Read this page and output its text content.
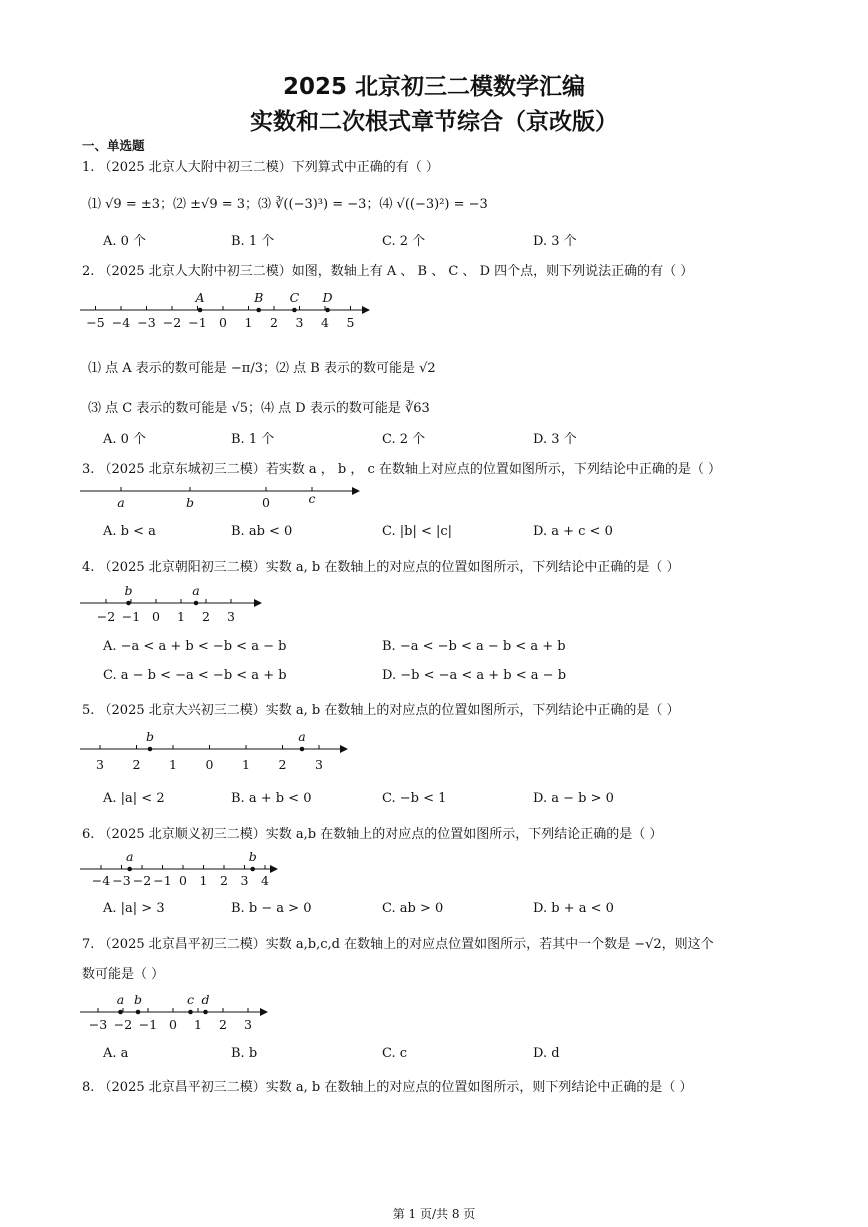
2025 北京初三二模数学汇编
实数和二次根式章节综合（京改版）
一、单选题
1. （2025 北京人大附中初三二模）下列算式中正确的有（ ）
⑴ √9 = ±3；⑵ ±√9 = 3；⑶ ∛((−3)³) = −3；⑷ √((−3)²) = −3
A. 0 个	B. 1 个	C. 2 个	D. 3 个
2. （2025 北京人大附中初三二模）如图，数轴上有 A 、 B 、 C 、 D 四个点，则下列说法正确的有（ ）
−5 −4 −3 −2 −1 0 1 2 3 4 5
A	B C D
⑴ 点 A 表示的数可能是 −π/3；⑵ 点 B 表示的数可能是 √2
⑶ 点 C 表示的数可能是 √5；⑷ 点 D 表示的数可能是 ∛63
A. 0 个	B. 1 个	C. 2 个	D. 3 个
3. （2025 北京东城初三二模）若实数 a ， b ， c 在数轴上对应点的位置如图所示，下列结论中正确的是（ ）
a	b	0	c
A. b < a	B. ab < 0	C. |b| < |c|	D. a + c < 0
4. （2025 北京朝阳初三二模）实数 a, b 在数轴上的对应点的位置如图所示，下列结论中正确的是（ ）
−2 −1 0 1 2 3
b	a
A. −a < a + b < −b < a − b	B. −a < −b < a − b < a + b
C. a − b < −a < −b < a + b	D. −b < −a < a + b < a − b
5. （2025 北京大兴初三二模）实数 a, b 在数轴上的对应点的位置如图所示，下列结论中正确的是（ ）
3 2 1 0 1 2 3
b	a
A. |a| < 2	B. a + b < 0	C. −b < 1	D. a − b > 0
6. （2025 北京顺义初三二模）实数 a,b 在数轴上的对应点的位置如图所示，下列结论正确的是（ ）
−4 −3 −2 −1 0 1 2 3 4
a	b
A. |a| > 3	B. b − a > 0	C. ab > 0	D. b + a < 0
7. （2025 北京昌平初三二模）实数 a,b,c,d 在数轴上的对应点位置如图所示，若其中一个数是 −√2，则这个
数可能是（ ）
−3 −2 −1 0 1 2 3
a b	c d
A. a	B. b	C. c	D. d
8. （2025 北京昌平初三二模）实数 a, b 在数轴上的对应点的位置如图所示，则下列结论中正确的是（ ）
第 1 页/共 8 页
